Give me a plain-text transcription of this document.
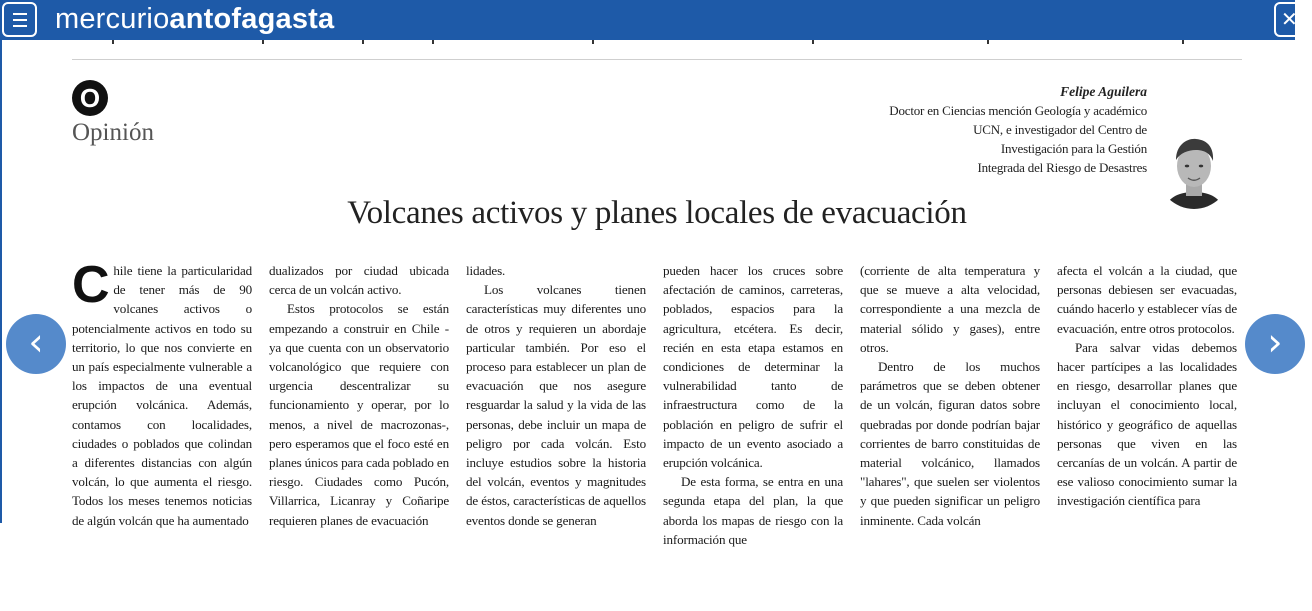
mercurioantofagasta	✕
O
Opinión
Felipe Aguilera
Doctor en Ciencias mención Geología y académico
UCN, e investigador del Centro de
Investigación para la Gestión
Integrada del Riesgo de Desastres
Volcanes activos y planes locales de evacuación
C hile tiene la particularidad de tener más de 90 volcanes activos o potencialmente activos en todo su territorio, lo que nos convierte en un país especialmente vulnerable a los impactos de una eventual erupción volcánica. Además, contamos con localidades, ciudades o poblados que colindan a diferentes distancias con algún volcán, lo que aumenta el riesgo. Todos los meses tenemos noticias de algún volcán que ha aumentado

dualizados por ciudad ubicada cerca de un volcán activo.

Estos protocolos se están empezando a construir en Chile -ya que cuenta con un observatorio volcanológico que requiere con urgencia descentralizar su funcionamiento y operar, por lo menos, a nivel de macrozonas-, pero esperamos que el foco esté en planes únicos para cada poblado en riesgo. Ciudades como Pucón, Villarrica, Licanray y Coñaripe requieren planes de evacuación

lidades.

Los volcanes tienen características muy diferentes uno de otros y requieren un abordaje particular también. Por eso el proceso para establecer un plan de evacuación que nos asegure resguardar la salud y la vida de las personas, debe incluir un mapa de peligro por cada volcán. Esto incluye estudios sobre la historia del volcán, eventos y magnitudes de éstos, características de aquellos eventos donde se generan

pueden hacer los cruces sobre afectación de caminos, carreteras, poblados, espacios para la agricultura, etcétera. Es decir, recién en esta etapa estamos en condiciones de determinar la vulnerabilidad tanto de infraestructura como de la población en peligro de sufrir el impacto de un evento asociado a erupción volcánica.

De esta forma, se entra en una segunda etapa del plan, la que aborda los mapas de riesgo con la información que

(corriente de alta temperatura y que se mueve a alta velocidad, correspondiente a una mezcla de material sólido y gases), entre otros.

Dentro de los muchos parámetros que se deben obtener de un volcán, figuran datos sobre quebradas por donde podrían bajar corrientes de barro constituidas de material volcánico, llamados "lahares", que suelen ser violentos y que pueden significar un peligro inminente. Cada volcán

afecta el volcán a la ciudad, que personas debiesen ser evacuadas, cuándo hacerlo y establecer vías de evacuación, entre otros protocolos.

Para salvar vidas debemos hacer partícipes a las localidades en riesgo, desarrollar planes que incluyan el conocimiento local, histórico y geográfico de aquellas personas que viven en las cercanías de un volcán. A partir de ese valioso conocimiento sumar la investigación científica para

‹	›
